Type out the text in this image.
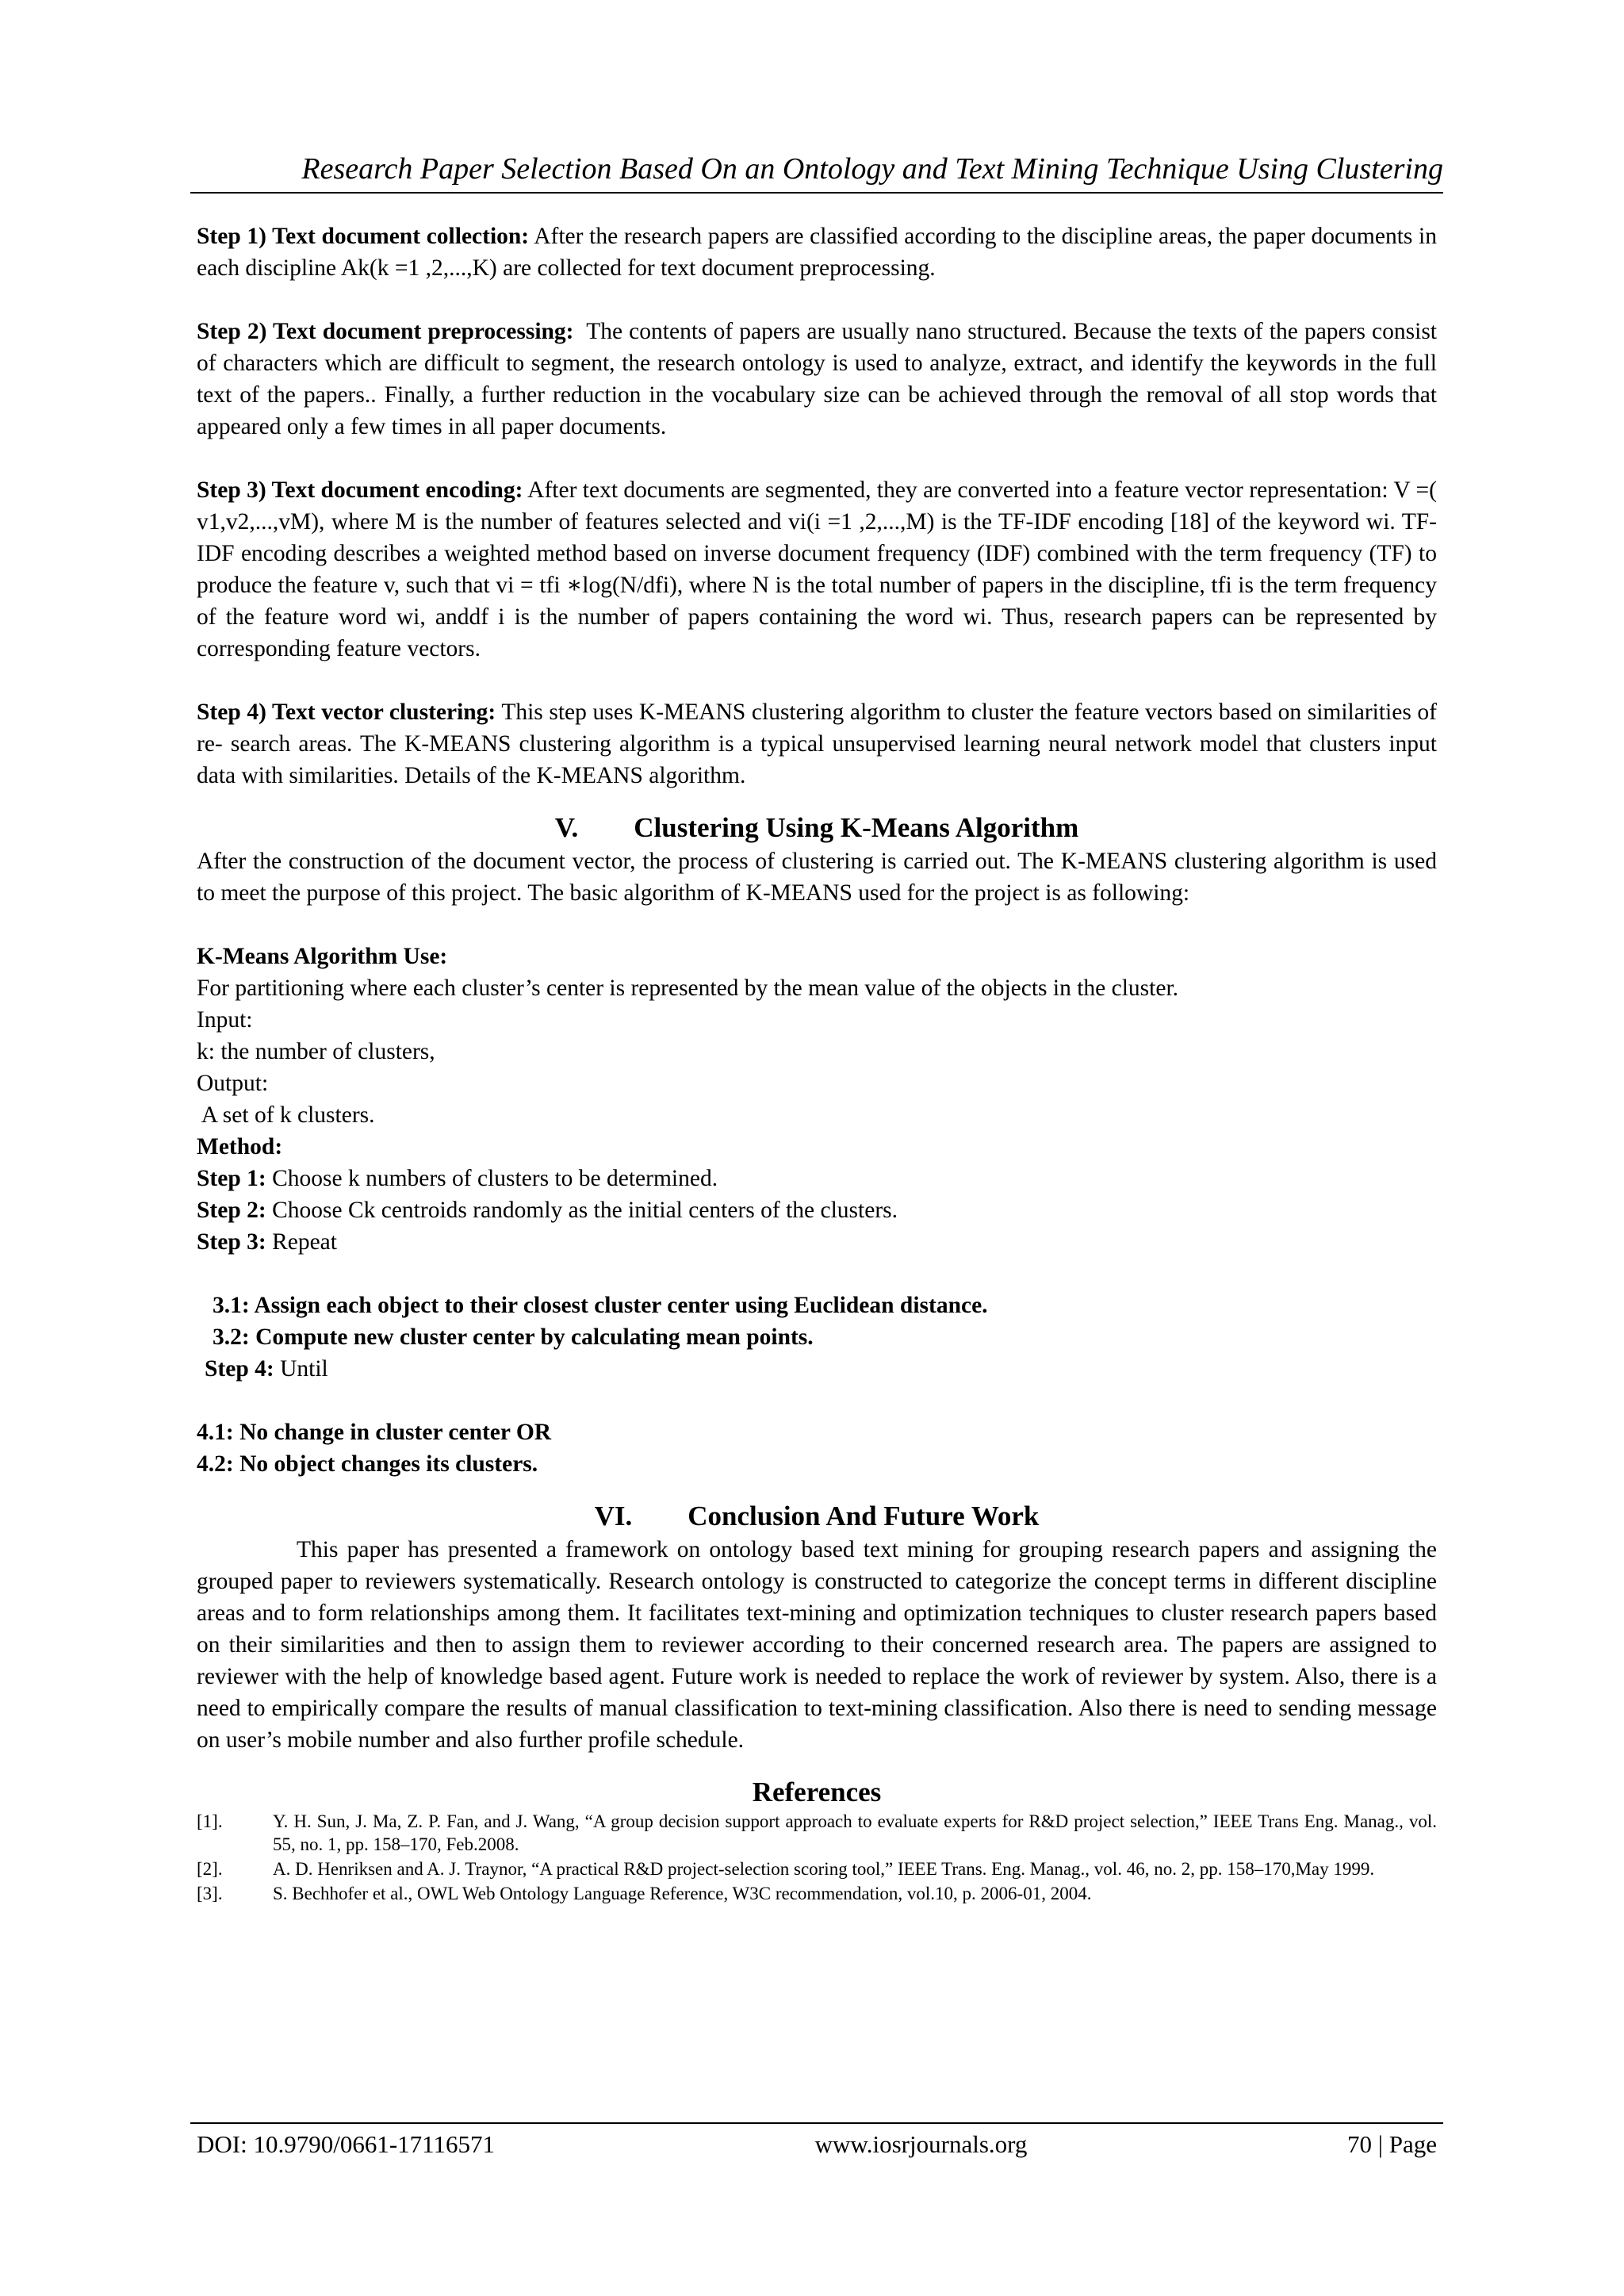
Research Paper Selection Based On an Ontology and Text Mining Technique Using Clustering

Step 1) Text document collection: After the research papers are classified according to the discipline areas, the paper documents in each discipline Ak(k =1 ,2,...,K) are collected for text document preprocessing.

Step 2) Text document preprocessing:  The contents of papers are usually nano structured. Because the texts of the papers consist of characters which are difficult to segment, the research ontology is used to analyze, extract, and identify the keywords in the full text of the papers.. Finally, a further reduction in the vocabulary size can be achieved through the removal of all stop words that appeared only a few times in all paper documents.

Step 3) Text document encoding: After text documents are segmented, they are converted into a feature vector representation: V =( v1,v2,...,vM), where M is the number of features selected and vi(i =1 ,2,...,M) is the TF-IDF encoding [18] of the keyword wi. TF-IDF encoding describes a weighted method based on inverse document frequency (IDF) combined with the term frequency (TF) to produce the feature v, such that vi = tfi ∗log(N/dfi), where N is the total number of papers in the discipline, tfi is the term frequency of the feature word wi, anddf i is the number of papers containing the word wi. Thus, research papers can be represented by corresponding feature vectors.

Step 4) Text vector clustering: This step uses K-MEANS clustering algorithm to cluster the feature vectors based on similarities of re- search areas. The K-MEANS clustering algorithm is a typical unsupervised learning neural network model that clusters input data with similarities. Details of the K-MEANS algorithm.

V. Clustering Using K-Means Algorithm

After the construction of the document vector, the process of clustering is carried out. The K-MEANS clustering algorithm is used to meet the purpose of this project. The basic algorithm of K-MEANS used for the project is as following:

K-Means Algorithm Use:

For partitioning where each cluster’s center is represented by the mean value of the objects in the cluster.

Input:

k: the number of clusters,

Output:

A set of k clusters.

Method:

Step 1: Choose k numbers of clusters to be determined.

Step 2: Choose Ck centroids randomly as the initial centers of the clusters.

Step 3: Repeat

3.1: Assign each object to their closest cluster center using Euclidean distance.

3.2: Compute new cluster center by calculating mean points.

Step 4: Until

4.1: No change in cluster center OR

4.2: No object changes its clusters.

VI. Conclusion And Future Work

This paper has presented a framework on ontology based text mining for grouping research papers and assigning the grouped paper to reviewers systematically. Research ontology is constructed to categorize the concept terms in different discipline areas and to form relationships among them. It facilitates text-mining and optimization techniques to cluster research papers based on their similarities and then to assign them to reviewer according to their concerned research area. The papers are assigned to reviewer with the help of knowledge based agent. Future work is needed to replace the work of reviewer by system. Also, there is a need to empirically compare the results of manual classification to text-mining classification. Also there is need to sending message on user’s mobile number and also further profile schedule.

References

[1].	Y. H. Sun, J. Ma, Z. P. Fan, and J. Wang, “A group decision support approach to evaluate experts for R&D project selection,” IEEE Trans Eng. Manag., vol. 55, no. 1, pp. 158–170, Feb.2008.
[2].	A. D. Henriksen and A. J. Traynor, “A practical R&D project-selection scoring tool,” IEEE Trans. Eng. Manag., vol. 46, no. 2, pp. 158–170,May 1999.
[3].	S. Bechhofer et al., OWL Web Ontology Language Reference, W3C recommendation, vol.10, p. 2006-01, 2004.
DOI: 10.9790/0661-17116571	www.iosrjournals.org	70 | Page
